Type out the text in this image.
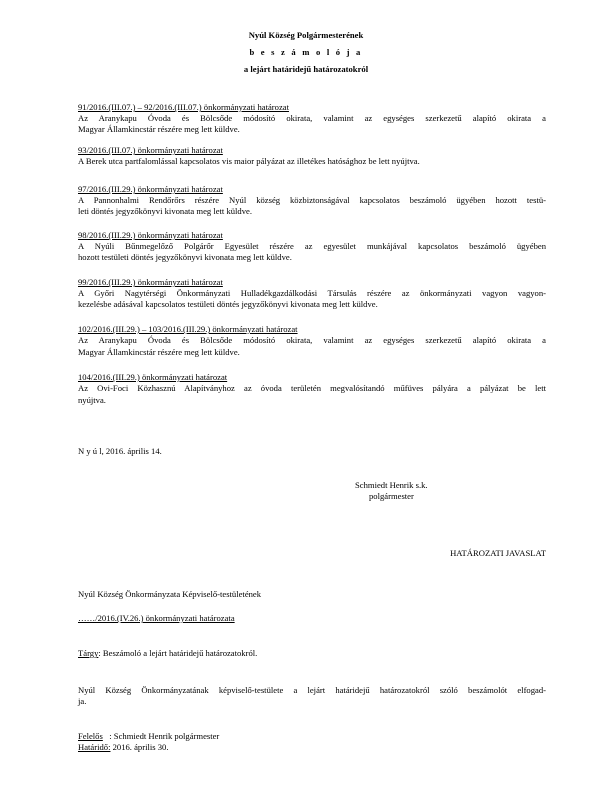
Nyúl Község Polgármesterének
b e s z á m o l ó j a
a lejárt határidejű határozatokról
91/2016.(III.07.) – 92/2016.(III.07.) önkormányzati határozat
Az Aranykapu Óvoda és Bölcsőde módosító okirata, valamint az egységes szerkezetű alapító okirata a
Magyar Államkincstár részére meg lett küldve.
93/2016.(III.07.) önkormányzati határozat
A Berek utca partfalomlással kapcsolatos vis maior pályázat az illetékes hatósághoz be lett nyújtva.
97/2016.(III.29.) önkormányzati határozat
A Pannonhalmi Rendőrőrs részére Nyúl község közbiztonságával kapcsolatos beszámoló ügyében hozott testü-
leti döntés jegyzőkönyvi kivonata meg lett küldve.
98/2016.(III.29.) önkormányzati határozat
A Nyúli Bűnmegelőző Polgárőr Egyesület részére az egyesület munkájával kapcsolatos beszámoló ügyében
hozott testületi döntés jegyzőkönyvi kivonata meg lett küldve.
99/2016.(III.29.) önkormányzati határozat
A Győri Nagytérségi Önkormányzati Hulladékgazdálkodási Társulás részére az önkormányzati vagyon vagyon-
kezelésbe adásával kapcsolatos testületi döntés jegyzőkönyvi kivonata meg lett küldve.
102/2016.(III.29.) – 103/2016.(III.29.) önkormányzati határozat
Az Aranykapu Óvoda és Bölcsőde módosító okirata, valamint az egységes szerkezetű alapító okirata a
Magyar Államkincstár részére meg lett küldve.
104/2016.(III.29.) önkormányzati határozat
Az Ovi-Foci Közhasznú Alapítványhoz az óvoda területén megvalósítandó műfüves pályára a pályázat be lett
nyújtva.
N y ú l, 2016. április 14.
Schmiedt Henrik s.k.
polgármester
HATÁROZATI JAVASLAT
Nyúl Község Önkormányzata Képviselő-testületének
……/2016.(IV.26.) önkormányzati határozata
Tárgy: Beszámoló a lejárt határidejű határozatokról.
Nyúl Község Önkormányzatának képviselő-testülete a lejárt határidejű határozatokról szóló beszámolót elfogad-
ja.
Felelős   : Schmiedt Henrik polgármester
Határidő: 2016. április 30.
